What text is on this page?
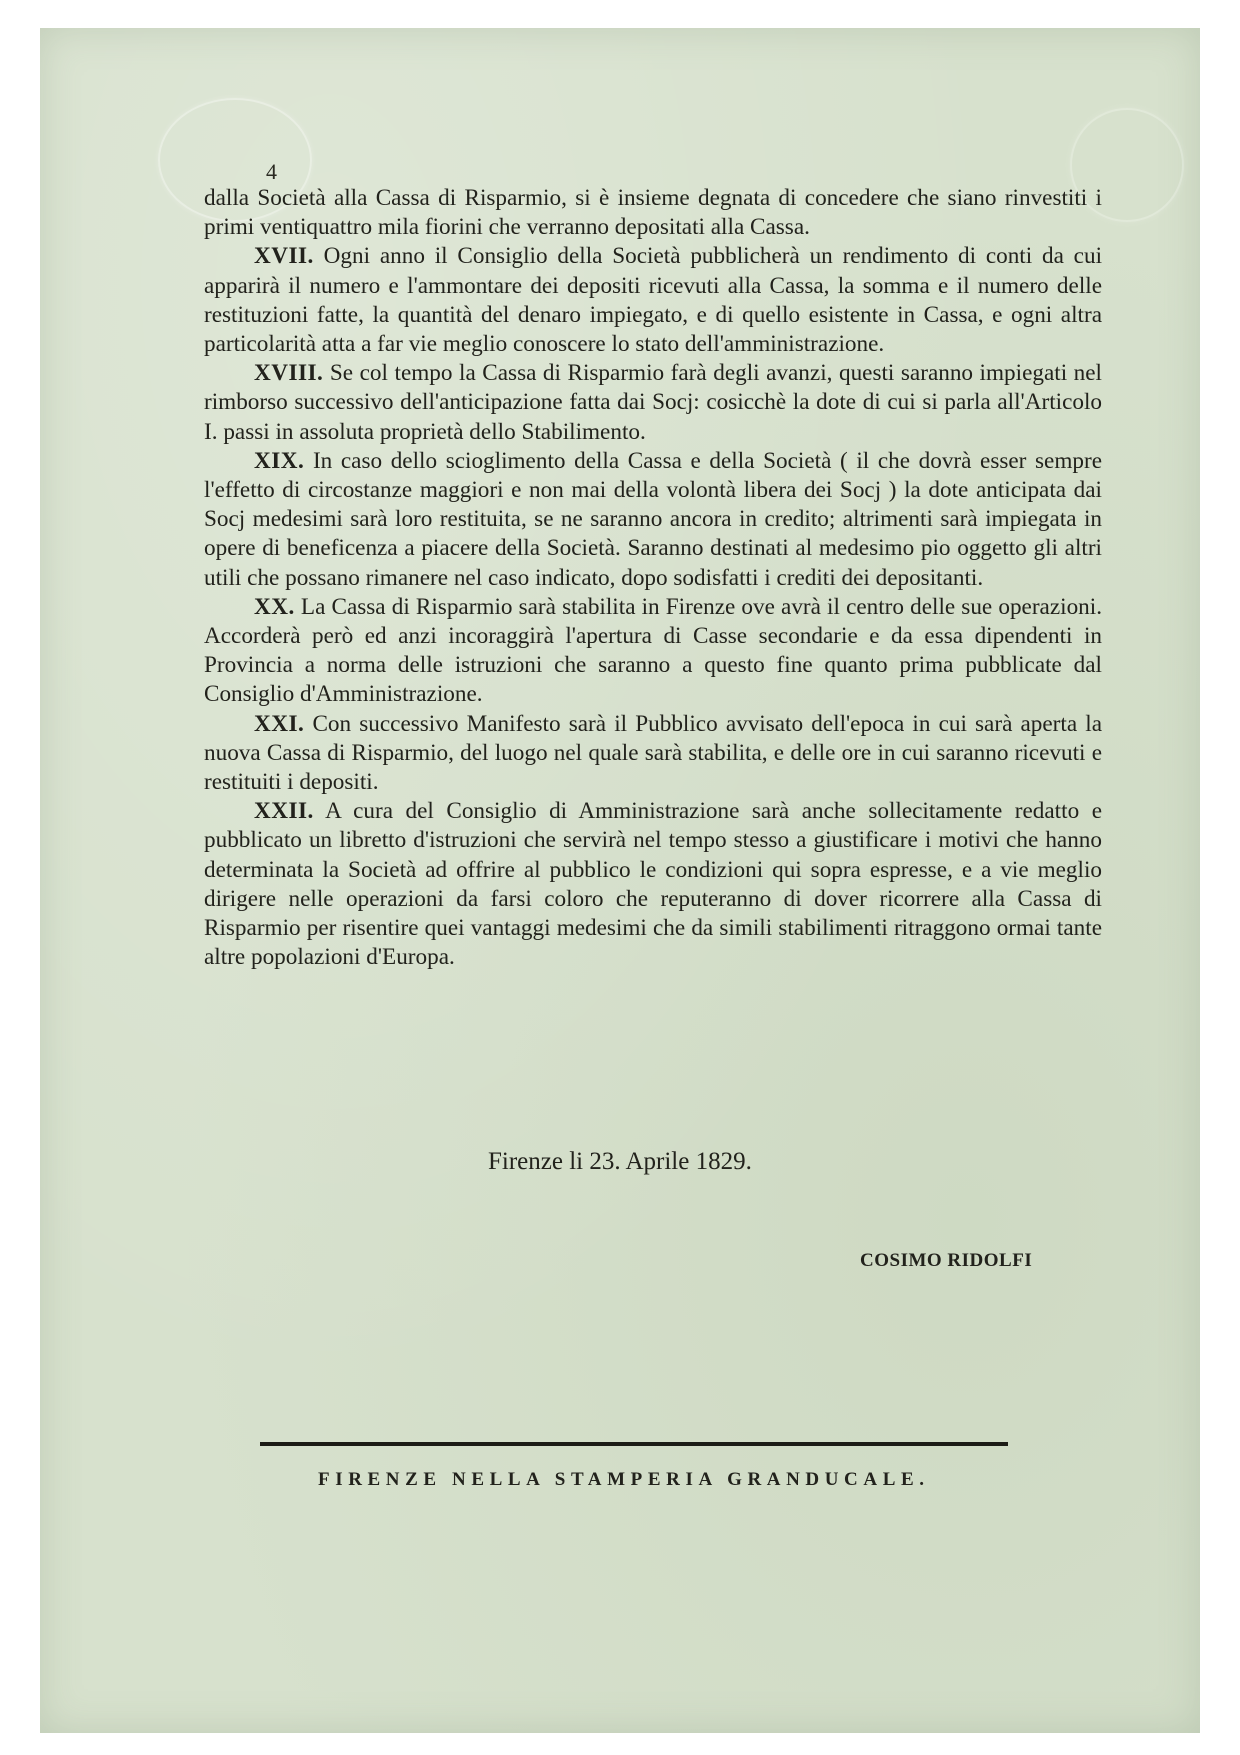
4

dalla Società alla Cassa di Risparmio, si è insieme degnata di concedere che siano rinvestiti i primi ventiquattro mila fiorini che verranno depositati alla Cassa.

XVII. Ogni anno il Consiglio della Società pubblicherà un rendimento di conti da cui apparirà il numero e l'ammontare dei depositi ricevuti alla Cassa, la somma e il numero delle restituzioni fatte, la quantità del denaro impiegato, e di quello esistente in Cassa, e ogni altra particolarità atta a far vie meglio conoscere lo stato dell'amministrazione.

XVIII. Se col tempo la Cassa di Risparmio farà degli avanzi, questi saranno impiegati nel rimborso successivo dell'anticipazione fatta dai Socj: cosicchè la dote di cui si parla all'Articolo I. passi in assoluta proprietà dello Stabilimento.

XIX. In caso dello scioglimento della Cassa e della Società ( il che dovrà esser sempre l'effetto di circostanze maggiori e non mai della volontà libera dei Socj ) la dote anticipata dai Socj medesimi sarà loro restituita, se ne saranno ancora in credito; altrimenti sarà impiegata in opere di beneficenza a piacere della Società. Saranno destinati al medesimo pio oggetto gli altri utili che possano rimanere nel caso indicato, dopo sodisfatti i crediti dei depositanti.

XX. La Cassa di Risparmio sarà stabilita in Firenze ove avrà il centro delle sue operazioni. Accorderà però ed anzi incoraggirà l'apertura di Casse secondarie e da essa dipendenti in Provincia a norma delle istruzioni che saranno a questo fine quanto prima pubblicate dal Consiglio d'Amministrazione.

XXI. Con successivo Manifesto sarà il Pubblico avvisato dell'epoca in cui sarà aperta la nuova Cassa di Risparmio, del luogo nel quale sarà stabilita, e delle ore in cui saranno ricevuti e restituiti i depositi.

XXII. A cura del Consiglio di Amministrazione sarà anche sollecitamente redatto e pubblicato un libretto d'istruzioni che servirà nel tempo stesso a giustificare i motivi che hanno determinata la Società ad offrire al pubblico le condizioni qui sopra espresse, e a vie meglio dirigere nelle operazioni da farsi coloro che reputeranno di dover ricorrere alla Cassa di Risparmio per risentire quei vantaggi medesimi che da simili stabilimenti ritraggono ormai tante altre popolazioni d'Europa.

Firenze li 23. Aprile 1829.
COSIMO RIDOLFI
FIRENZE NELLA STAMPERIA GRANDUCALE.
